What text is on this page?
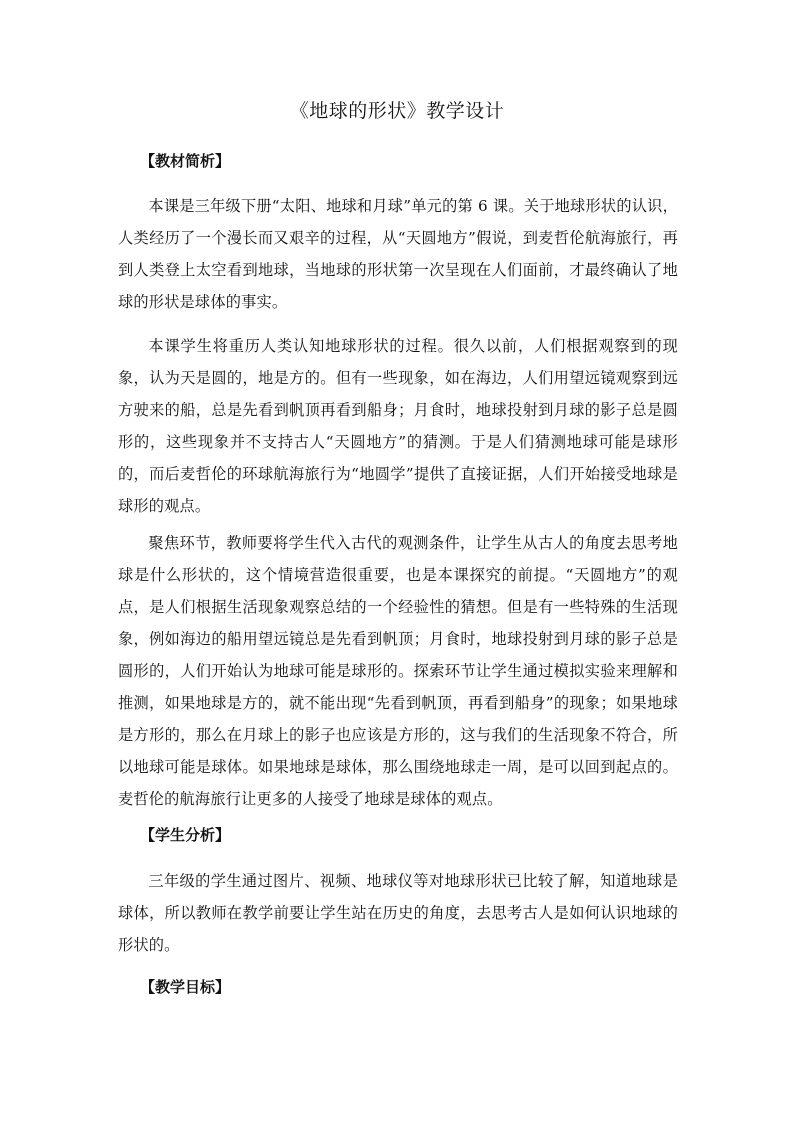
《地球的形状》教学设计
【教材简析】

本课是三年级下册“太阳、地球和月球”单元的第 6 课。关于地球形状的认识，人类经历了一个漫长而又艰辛的过程，从“天圆地方”假说，到麦哲伦航海旅行，再到人类登上太空看到地球，当地球的形状第一次呈现在人们面前，才最终确认了地球的形状是球体的事实。

本课学生将重历人类认知地球形状的过程。很久以前，人们根据观察到的现象，认为天是圆的，地是方的。但有一些现象，如在海边，人们用望远镜观察到远方驶来的船，总是先看到帆顶再看到船身；月食时，地球投射到月球的影子总是圆形的，这些现象并不支持古人“天圆地方”的猜测。于是人们猜测地球可能是球形的，而后麦哲伦的环球航海旅行为“地圆学”提供了直接证据，人们开始接受地球是球形的观点。

聚焦环节，教师要将学生代入古代的观测条件，让学生从古人的角度去思考地球是什么形状的，这个情境营造很重要，也是本课探究的前提。“天圆地方”的观点，是人们根据生活现象观察总结的一个经验性的猜想。但是有一些特殊的生活现象，例如海边的船用望远镜总是先看到帆顶；月食时，地球投射到月球的影子总是圆形的，人们开始认为地球可能是球形的。探索环节让学生通过模拟实验来理解和推测，如果地球是方的，就不能出现“先看到帆顶，再看到船身”的现象；如果地球是方形的，那么在月球上的影子也应该是方形的，这与我们的生活现象不符合，所以地球可能是球体。如果地球是球体，那么围绕地球走一周，是可以回到起点的。麦哲伦的航海旅行让更多的人接受了地球是球体的观点。

【学生分析】

三年级的学生通过图片、视频、地球仪等对地球形状已比较了解，知道地球是球体，所以教师在教学前要让学生站在历史的角度，去思考古人是如何认识地球的形状的。

【教学目标】
